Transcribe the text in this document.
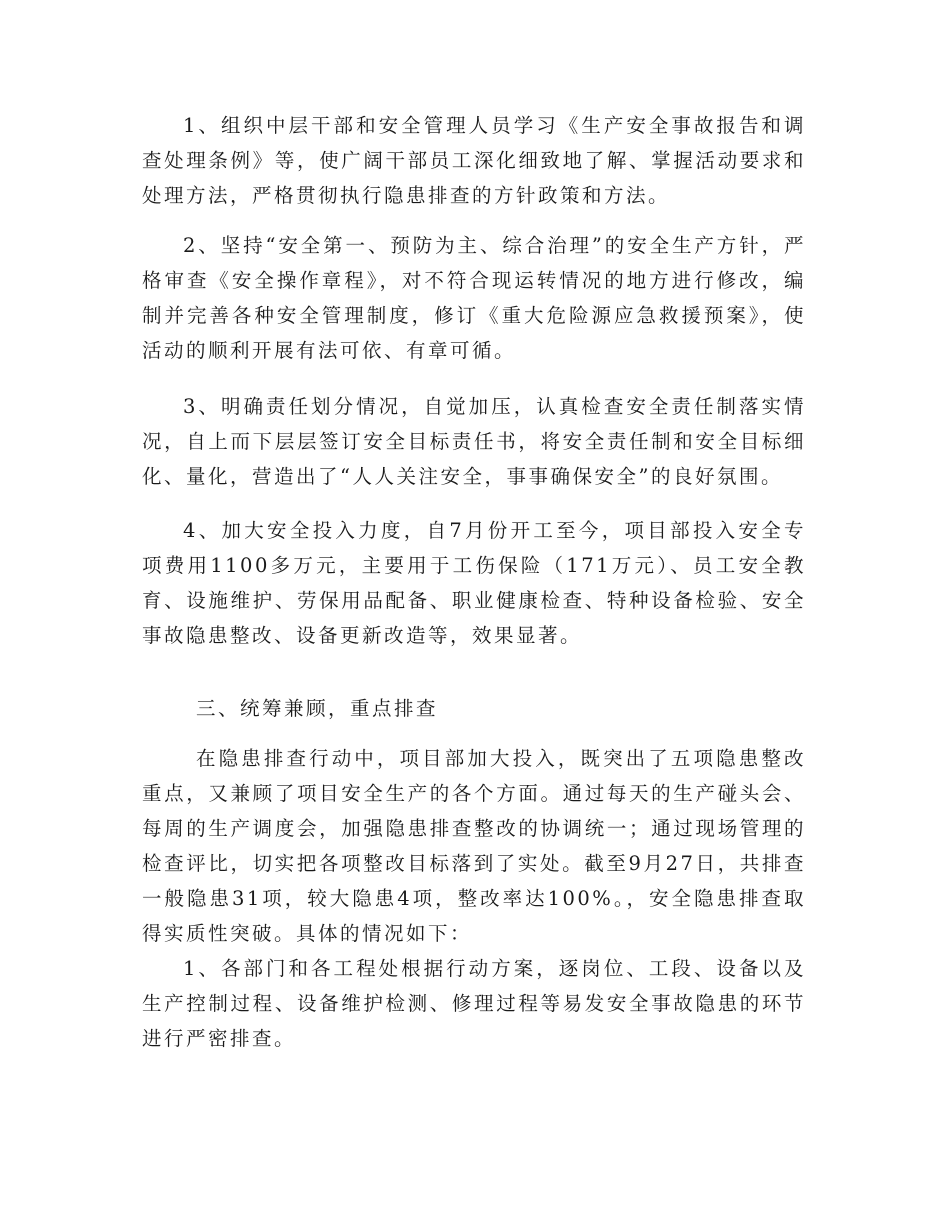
1、组织中层干部和安全管理人员学习《生产安全事故报告和调查处理条例》等，使广阔干部员工深化细致地了解、掌握活动要求和处理方法，严格贯彻执行隐患排查的方针政策和方法。

2、坚持“安全第一、预防为主、综合治理”的安全生产方针，严格审查《安全操作章程》，对不符合现运转情况的地方进行修改，编制并完善各种安全管理制度，修订《重大危险源应急救援预案》，使活动的顺利开展有法可依、有章可循。

3、明确责任划分情况，自觉加压，认真检查安全责任制落实情况，自上而下层层签订安全目标责任书，将安全责任制和安全目标细化、量化，营造出了“人人关注安全，事事确保安全”的良好氛围。

4、加大安全投入力度，自7月份开工至今，项目部投入安全专项费用1100多万元，主要用于工伤保险（171万元）、员工安全教育、设施维护、劳保用品配备、职业健康检查、特种设备检验、安全事故隐患整改、设备更新改造等，效果显著。

三、统筹兼顾，重点排查

在隐患排查行动中，项目部加大投入，既突出了五项隐患整改重点，又兼顾了项目安全生产的各个方面。通过每天的生产碰头会、每周的生产调度会，加强隐患排查整改的协调统一；通过现场管理的检查评比，切实把各项整改目标落到了实处。截至9月27日，共排查一般隐患31项，较大隐患4项，整改率达100%。，安全隐患排查取得实质性突破。具体的情况如下：

1、各部门和各工程处根据行动方案，逐岗位、工段、设备以及生产控制过程、设备维护检测、修理过程等易发安全事故隐患的环节进行严密排查。
